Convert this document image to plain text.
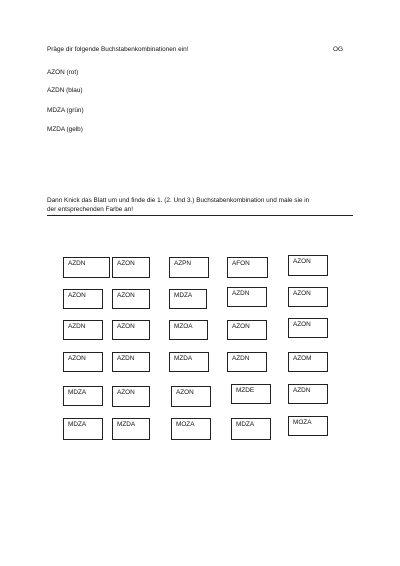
Präge dir folgende Buchstabenkombinationen ein!	OG
AZON (rot)
AZDN (blau)
MDZA (grün)
MZDA (gelb)
Dann Knick das Blatt um und finde die 1. (2. Und 3.) Buchstabenkombination und male sie in
der entsprechenden Farbe an!
AZDN	AZON	AZPN	AFON	AZON
AZON	AZON	MDZA	AZDN	AZON
AZDN	AZON	MZOA	AZON	AZON
AZON	AZDN	MZDA	AZDN	AZOM
MDZA	AZON	AZON	MZDE	AZDN
MDZA	MZDA	MOZA	MDZA	MOZA
